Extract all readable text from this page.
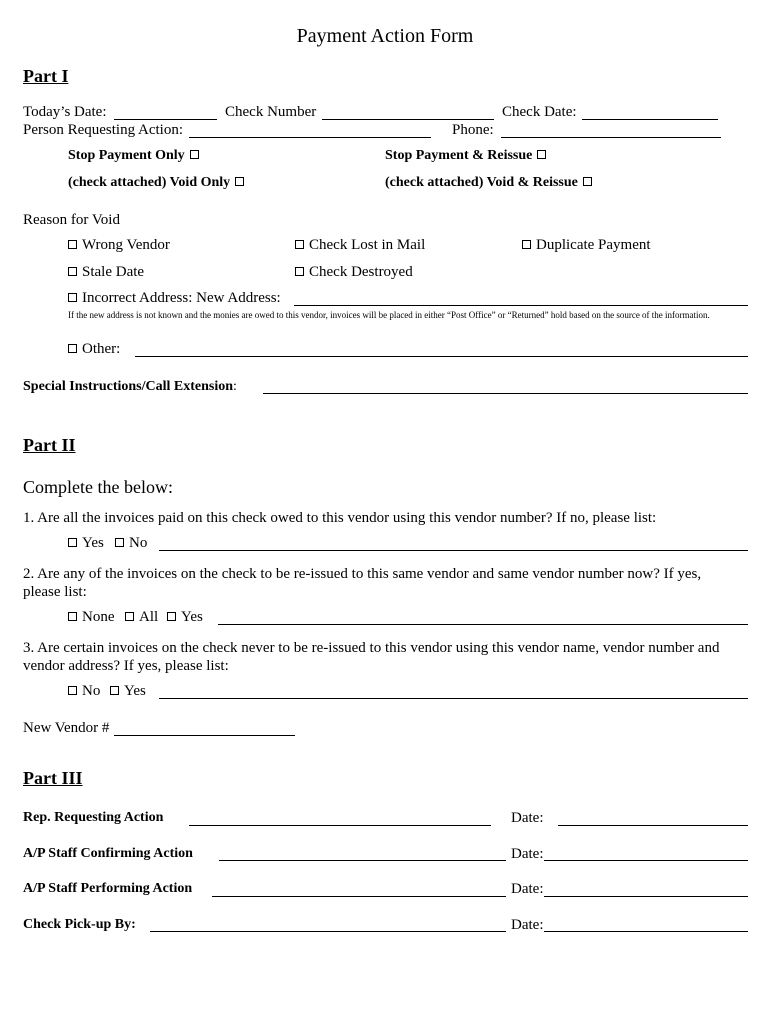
Payment Action Form
Part I
Today’s Date:	Check Number	Check Date:
Person Requesting Action:	Phone:
Stop Payment Only	Stop Payment & Reissue
(check attached) Void Only	(check attached) Void & Reissue
Reason for Void
Wrong Vendor	Check Lost in Mail	Duplicate Payment
Stale Date	Check Destroyed
Incorrect Address: New Address:
If the new address is not known and the monies are owed to this vendor, invoices will be placed in either “Post Office” or “Returned” hold based on the source of the information.
Other:
Special Instructions/Call Extension:
Part II
Complete the below:
1. Are all the invoices paid on this check owed to this vendor using this vendor number? If no, please list:
Yes	No
2. Are any of the invoices on the check to be re-issued to this same vendor and same vendor number now? If yes,
please list:
None	All	Yes
3. Are certain invoices on the check never to be re-issued to this vendor using this vendor name, vendor number and
vendor address? If yes, please list:
No	Yes
New Vendor #
Part III
Rep. Requesting Action	Date:
A/P Staff Confirming Action	Date:
A/P Staff Performing Action	Date:
Check Pick-up By:	Date:
